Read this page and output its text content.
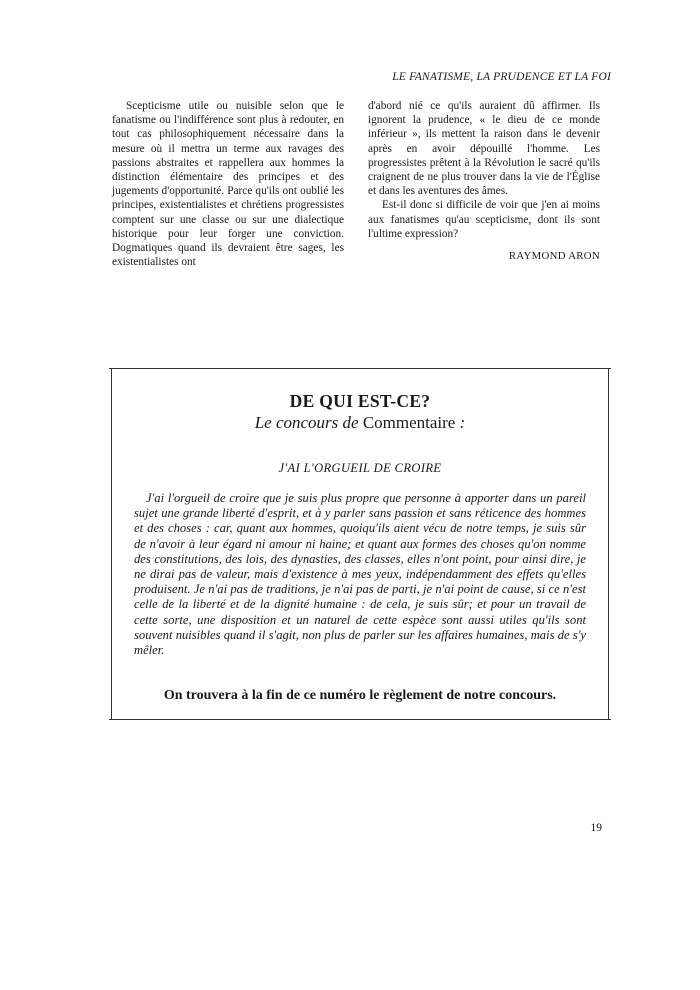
LE FANATISME, LA PRUDENCE ET LA FOI

Scepticisme utile ou nuisible selon que le fanatisme ou l'indifférence sont plus à redouter, en tout cas philosophiquement nécessaire dans la mesure où il mettra un terme aux ravages des passions abstraites et rappellera aux hommes la distinction élémentaire des principes et des jugements d'opportunité. Parce qu'ils ont oublié les principes, existentialistes et chrétiens progressistes comptent sur une classe ou sur une dialectique historique pour leur forger une conviction. Dogmatiques quand ils devraient être sages, les existentialistes ont

d'abord nié ce qu'ils auraient dû affirmer. Ils ignorent la prudence, « le dieu de ce monde inférieur », ils mettent la raison dans le devenir après en avoir dépouillé l'homme. Les progressistes prêtent à la Révolution le sacré qu'ils craignent de ne plus trouver dans la vie de l'Église et dans les aventures des âmes.

Est-il donc si difficile de voir que j'en ai moins aux fanatismes qu'au scepticisme, dont ils sont l'ultime expression?

RAYMOND ARON

DE QUI EST-CE?
Le concours de Commentaire :
J'AI L'ORGUEIL DE CROIRE

J'ai l'orgueil de croire que je suis plus propre que personne à apporter dans un pareil sujet une grande liberté d'esprit, et à y parler sans passion et sans réticence des hommes et des choses : car, quant aux hommes, quoiqu'ils aient vécu de notre temps, je suis sûr de n'avoir à leur égard ni amour ni haine; et quant aux formes des choses qu'on nomme des constitutions, des lois, des dynasties, des classes, elles n'ont point, pour ainsi dire, je ne dirai pas de valeur, mais d'existence à mes yeux, indépendamment des effets qu'elles produisent. Je n'ai pas de traditions, je n'ai pas de parti, je n'ai point de cause, si ce n'est celle de la liberté et de la dignité humaine : de cela, je suis sûr; et pour un travail de cette sorte, une disposition et un naturel de cette espèce sont aussi utiles qu'ils sont souvent nuisibles quand il s'agit, non plus de parler sur les affaires humaines, mais de s'y mêler.

On trouvera à la fin de ce numéro le règlement de notre concours.
19
